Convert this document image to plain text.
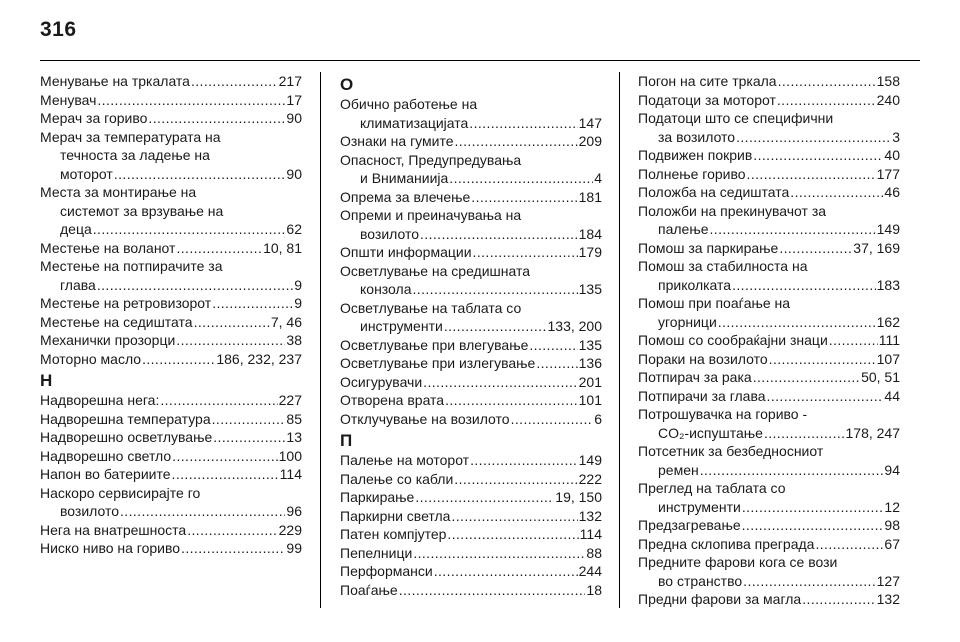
316
Менување на тркалата .....	217
Менувач .....	17
Мерач за гориво .....	90
Мерач за температурата на
течноста за ладење на
моторот .....	90
Места за монтирање на
системот за врзување на
деца .....	62
Местење на воланот .....	10, 81
Местење на потпирачите за
глава .....	9
Местење на ретровизорот .....	9
Местење на седиштата .....	7, 46
Механички прозорци .....	38
Моторно масло .....	186, 232, 237
Н
Надворешна нега: .....	227
Надворешна температура .....	85
Надворешно осветлување .....	13
Надворешно светло .....	100
Напон во батериите .....	114
Наскоро сервисирајте го
возилото .....	96
Нега на внатрешноста .....	229
Ниско ниво на гориво .....	99
О
Обично работење на
климатизацијата .....	147
Ознаки на гумите .....	209
Опасност, Предупредувања
и Вниманиија .....	4
Опрема за влечење .....	181
Опреми и преиначувања на
возилото .....	184
Општи информации .....	179
Осветлување на средишната
конзола .....	135
Осветлување на таблата со
инструменти .....	133, 200
Осветлување при влегување .....	135
Осветлување при излегување .....	136
Осигурувачи .....	201
Отворена врата .....	101
Отклучување на возилото .....	6
П
Палење на моторот .....	149
Палење со кабли .....	222
Паркирање .....	19, 150
Паркирни светла .....	132
Патен компјутер .....	114
Пепелници .....	88
Перформанси .....	244
Поаѓање .....	18
Погон на сите тркала .....	158
Податоци за моторот .....	240
Податоци што се специфични
за возилото .....	3
Подвижен покрив .....	40
Полнење гориво .....	177
Положба на седиштата .....	46
Положби на прекинувачот за
палење .....	149
Помош за паркирање .....	37, 169
Помош за стабилноста на
приколката .....	183
Помош при поаѓање на
угорници .....	162
Помош со сообраќајни знаци .....	111
Пораки на возилото .....	107
Потпирач за рака .....	50, 51
Потпирачи за глава .....	44
Потрошувачка на гориво -
CO₂-испуштање .....	178, 247
Потсетник за безбедносниот
ремен .....	94
Преглед на таблата со
инструменти .....	12
Предзагревање .....	98
Предна склопива преграда .....	67
Предните фарови кога се вози
во странство .....	127
Предни фарови за магла .....	132
